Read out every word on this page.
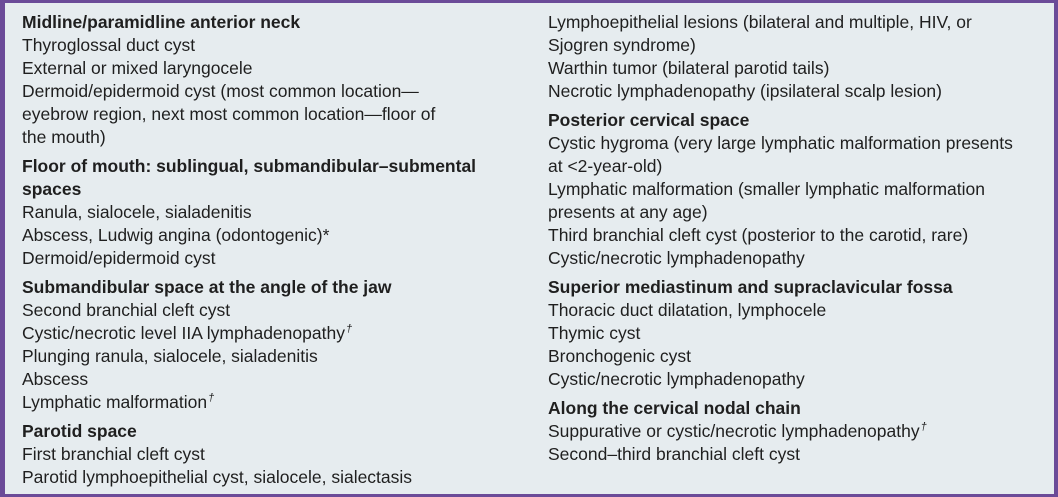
Midline/paramidline anterior neck
Thyroglossal duct cyst
External or mixed laryngocele
Dermoid/epidermoid cyst (most common location—
eyebrow region, next most common location—floor of
the mouth)
Floor of mouth: sublingual, submandibular–submental
spaces
Ranula, sialocele, sialadenitis
Abscess, Ludwig angina (odontogenic)*
Dermoid/epidermoid cyst
Submandibular space at the angle of the jaw
Second branchial cleft cyst
Cystic/necrotic level IIA lymphadenopathy†
Plunging ranula, sialocele, sialadenitis
Abscess
Lymphatic malformation†
Parotid space
First branchial cleft cyst
Parotid lymphoepithelial cyst, sialocele, sialectasis
Lymphoepithelial lesions (bilateral and multiple, HIV, or
Sjogren syndrome)
Warthin tumor (bilateral parotid tails)
Necrotic lymphadenopathy (ipsilateral scalp lesion)
Posterior cervical space
Cystic hygroma (very large lymphatic malformation presents
at <2-year-old)
Lymphatic malformation (smaller lymphatic malformation
presents at any age)
Third branchial cleft cyst (posterior to the carotid, rare)
Cystic/necrotic lymphadenopathy
Superior mediastinum and supraclavicular fossa
Thoracic duct dilatation, lymphocele
Thymic cyst
Bronchogenic cyst
Cystic/necrotic lymphadenopathy
Along the cervical nodal chain
Suppurative or cystic/necrotic lymphadenopathy†
Second–third branchial cleft cyst
